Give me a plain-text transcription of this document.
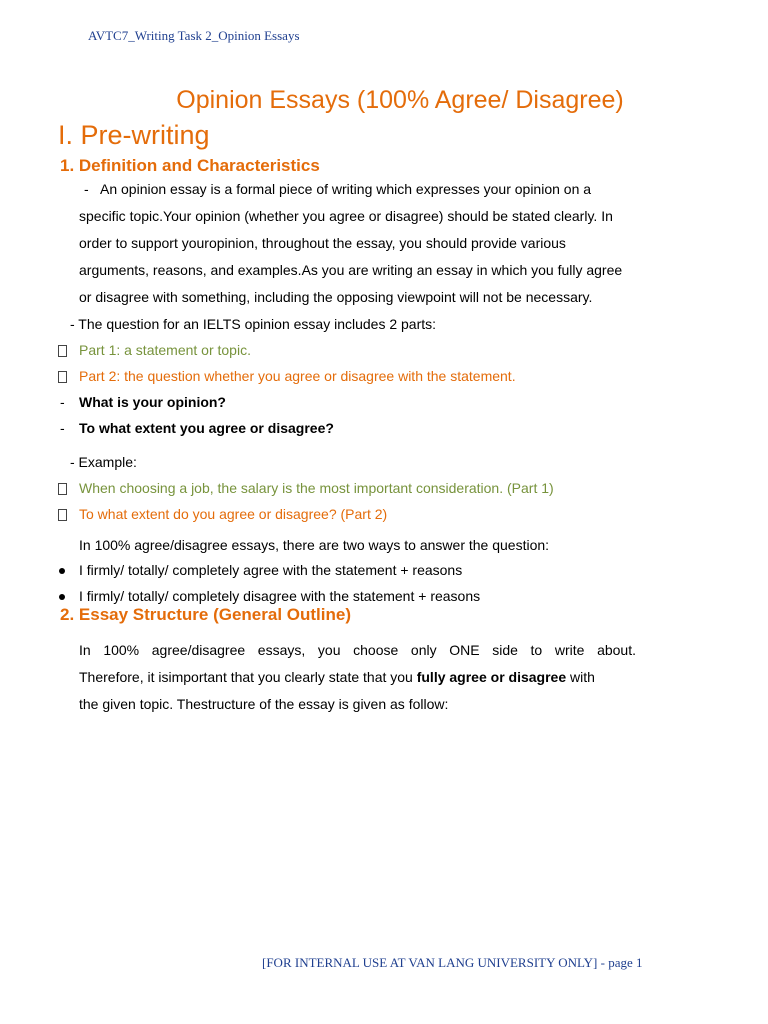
AVTC7_Writing Task 2_Opinion Essays
Opinion Essays (100% Agree/ Disagree)
I. Pre-writing
1. Definition and Characteristics
- An opinion essay is a formal piece of writing which expresses your opinion on a
specific topic.Your opinion (whether you agree or disagree) should be stated clearly. In
order to support youropinion, throughout the essay, you should provide various
arguments, reasons, and examples.As you are writing an essay in which you fully agree
or disagree with something, including the opposing viewpoint will not be necessary.
- The question for an IELTS opinion essay includes 2 parts:
Part 1: a statement or topic.
Part 2: the question whether you agree or disagree with the statement.
- What is your opinion?
- To what extent you agree or disagree?
- Example:
When choosing a job, the salary is the most important consideration. (Part 1)
To what extent do you agree or disagree? (Part 2)
In 100% agree/disagree essays, there are two ways to answer the question:
I firmly/ totally/ completely agree with the statement + reasons
I firmly/ totally/ completely disagree with the statement + reasons
2. Essay Structure (General Outline)
In 100% agree/disagree essays, you choose only ONE side to write about.
Therefore, it isimportant that you clearly state that you fully agree or disagree with
the given topic. Thestructure of the essay is given as follow:
[FOR INTERNAL USE AT VAN LANG UNIVERSITY ONLY] - page 1
